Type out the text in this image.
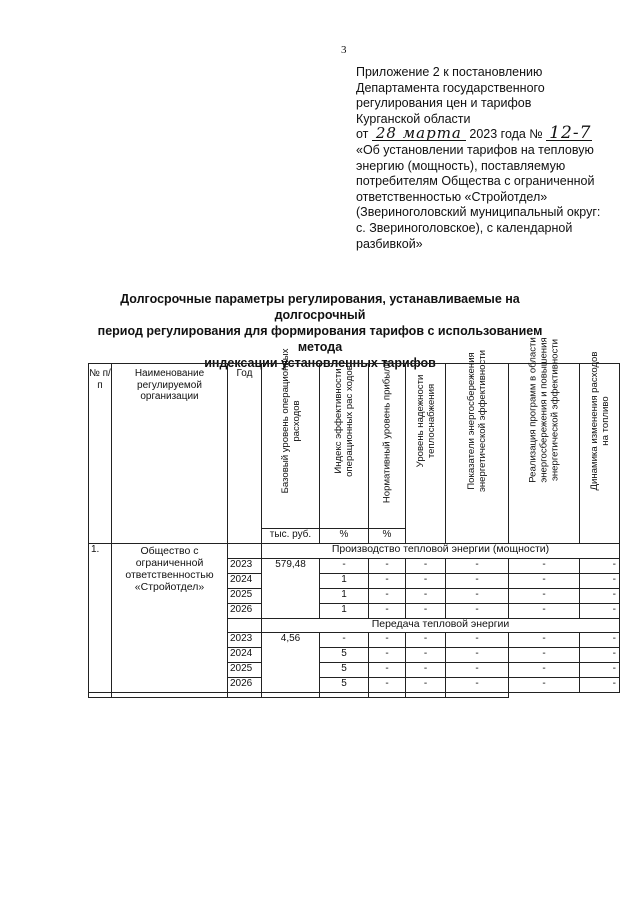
3
Приложение 2 к постановлению
Департамента государственного
регулирования цен и тарифов
Курганской области
от 28 марта 2023 года № 12-7
«Об установлении тарифов на тепловую
энергию (мощность), поставляемую
потребителям Общества с ограниченной
ответственностью «Стройотдел»
(Звериноголовский муниципальный округ:
с. Звериноголовское), с календарной
разбивкой»
Долгосрочные параметры регулирования, устанавливаемые на долгосрочный
период регулирования для формирования тарифов с использованием метода
индексации установленных тарифов
№ п/п	Наименование регулируемой организации	Год	Базовый уровень операционных расходов	Индекс эффективности операционных рас ходов	Нормативный уровень прибыли	Уровень надежности теплоснабжения	Показатели энергосбережения энергетической эффективности	Реализация программ в области энергосбережения и повышения энергетической эффективности	Динамика изменения расходов на топливо

			тыс. руб.	%	%				
1.	Общество с ограниченной ответственностью «Стройотдел»		Производство тепловой энергии (мощности)						
		2023	579,48	-	-	-	-	-	-
		2024		1	-	-	-	-	-
		2025		1	-	-	-	-	-
		2026		1	-	-	-	-	-
			Передача тепловой энергии						
		2023	4,56	-	-	-	-	-	-
		2024		5	-	-	-	-	-
		2025		5	-	-	-	-	-
		2026		5	-	-	-	-	-
